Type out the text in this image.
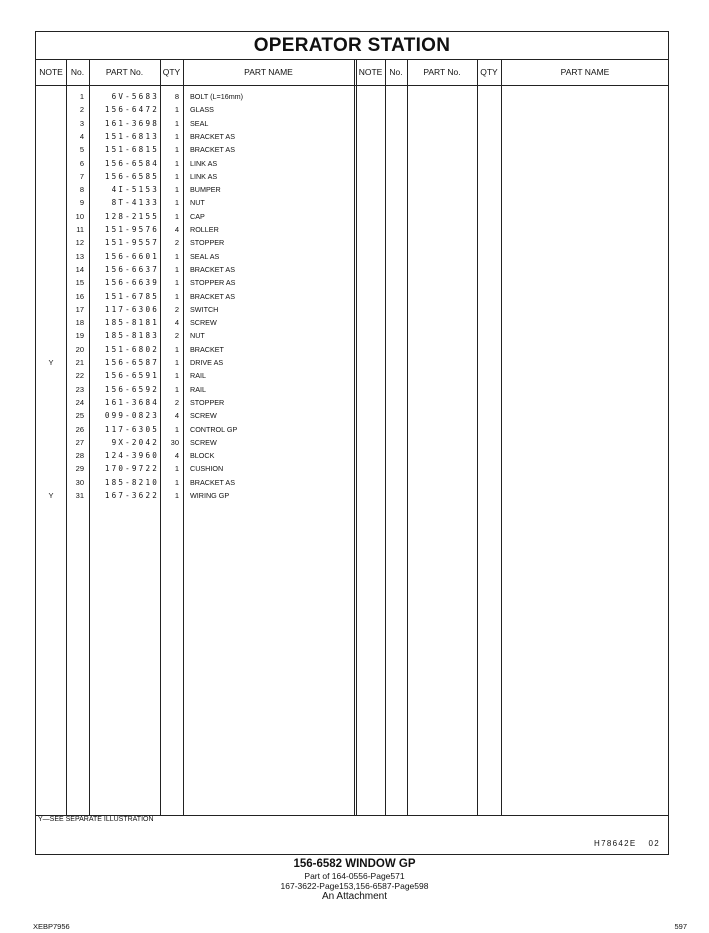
OPERATOR STATION
NOTE No.	PART No.	QTY	PART NAME	NOTE No.	PART No.	QTY	PART NAME
1	6V-5683	8 BOLT (L=16mm)
2	156-6472	1 GLASS
3	161-3698	1 SEAL
4	151-6813	1 BRACKET AS
5	151-6815	1 BRACKET AS
6	156-6584	1 LINK AS
7	156-6585	1 LINK AS
8	4I-5153	1 BUMPER
9	8T-4133	1 NUT
10	128-2155	1 CAP
11	151-9576	4 ROLLER
12	151-9557	2 STOPPER
13	156-6601	1 SEAL AS
14	156-6637	1 BRACKET AS
15	156-6639	1 STOPPER AS
16	151-6785	1 BRACKET AS
17	117-6306	2 SWITCH
18	185-8181	4 SCREW
19	185-8183	2 NUT
20	151-6802	1 BRACKET
Y	21	156-6587	1 DRIVE AS
22	156-6591	1 RAIL
23	156-6592	1 RAIL
24	161-3684	2 STOPPER
25	099-0823	4 SCREW
26	117-6305	1 CONTROL GP
27	9X-2042	30 SCREW
28	124-3960	4 BLOCK
29	170-9722	1 CUSHION
30	185-8210	1 BRACKET AS
Y	31	167-3622	1 WIRING GP
Y—SEE SEPARATE ILLUSTRATION
H78642E 02
156-6582 WINDOW GP
Part of 164-0556-Page571
167-3622-Page153,156-6587-Page598
An Attachment
XEBP7956	597
